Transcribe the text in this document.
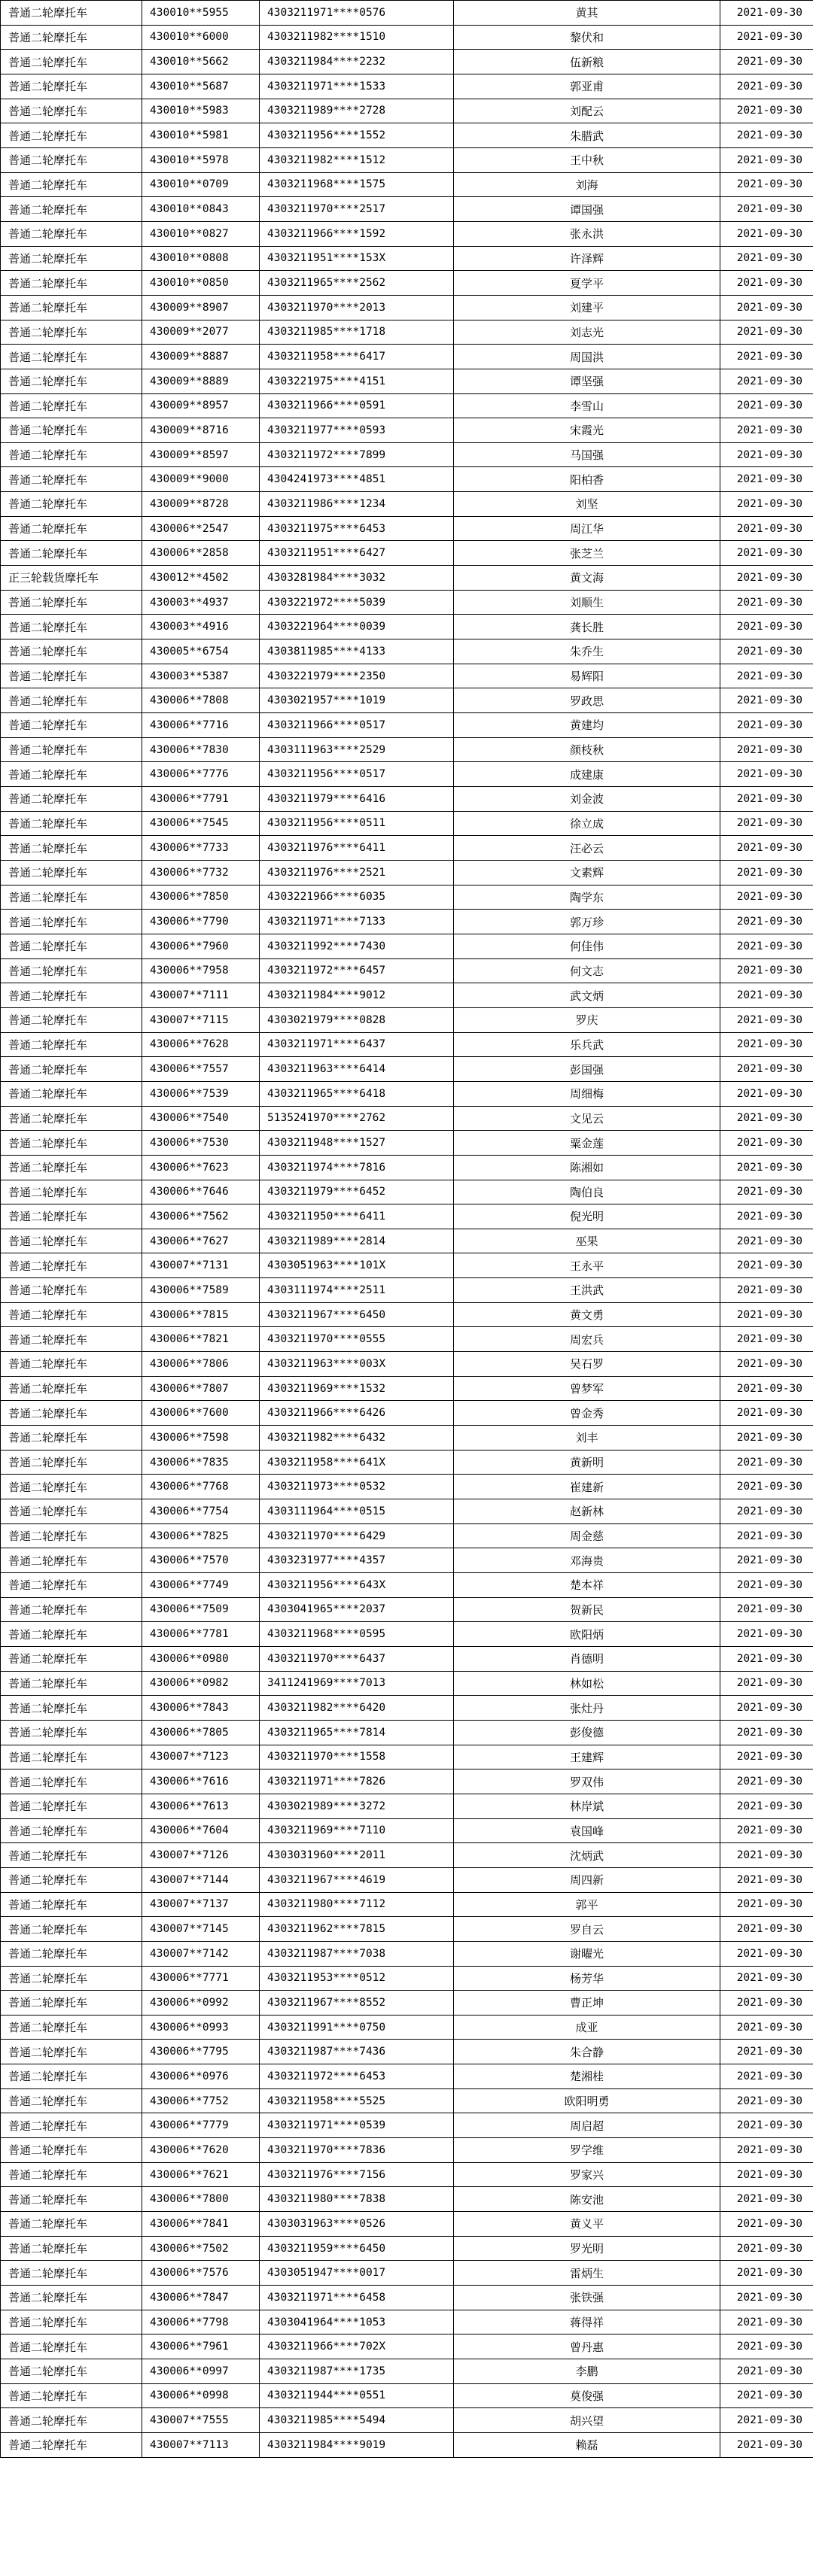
普通二轮摩托车	430010**5955	4303211971****0576	黄其	2021-09-30
普通二轮摩托车	430010**6000	4303211982****1510	黎伏和	2021-09-30
普通二轮摩托车	430010**5662	4303211984****2232	伍新粮	2021-09-30
普通二轮摩托车	430010**5687	4303211971****1533	郭亚甫	2021-09-30
普通二轮摩托车	430010**5983	4303211989****2728	刘配云	2021-09-30
普通二轮摩托车	430010**5981	4303211956****1552	朱腊武	2021-09-30
普通二轮摩托车	430010**5978	4303211982****1512	王中秋	2021-09-30
普通二轮摩托车	430010**0709	4303211968****1575	刘海	2021-09-30
普通二轮摩托车	430010**0843	4303211970****2517	谭国强	2021-09-30
普通二轮摩托车	430010**0827	4303211966****1592	张永洪	2021-09-30
普通二轮摩托车	430010**0808	4303211951****153X	许泽辉	2021-09-30
普通二轮摩托车	430010**0850	4303211965****2562	夏学平	2021-09-30
普通二轮摩托车	430009**8907	4303211970****2013	刘建平	2021-09-30
普通二轮摩托车	430009**2077	4303211985****1718	刘志光	2021-09-30
普通二轮摩托车	430009**8887	4303211958****6417	周国洪	2021-09-30
普通二轮摩托车	430009**8889	4303221975****4151	谭坚强	2021-09-30
普通二轮摩托车	430009**8957	4303211966****0591	李雪山	2021-09-30
普通二轮摩托车	430009**8716	4303211977****0593	宋霞光	2021-09-30
普通二轮摩托车	430009**8597	4303211972****7899	马国强	2021-09-30
普通二轮摩托车	430009**9000	4304241973****4851	阳柏香	2021-09-30
普通二轮摩托车	430009**8728	4303211986****1234	刘坚	2021-09-30
普通二轮摩托车	430006**2547	4303211975****6453	周江华	2021-09-30
普通二轮摩托车	430006**2858	4303211951****6427	张芝兰	2021-09-30
正三轮载货摩托车	430012**4502	4303281984****3032	黄文海	2021-09-30
普通二轮摩托车	430003**4937	4303221972****5039	刘顺生	2021-09-30
普通二轮摩托车	430003**4916	4303221964****0039	龚长胜	2021-09-30
普通二轮摩托车	430005**6754	4303811985****4133	朱乔生	2021-09-30
普通二轮摩托车	430003**5387	4303221979****2350	易辉阳	2021-09-30
普通二轮摩托车	430006**7808	4303021957****1019	罗政思	2021-09-30
普通二轮摩托车	430006**7716	4303211966****0517	黄建均	2021-09-30
普通二轮摩托车	430006**7830	4303111963****2529	颜枝秋	2021-09-30
普通二轮摩托车	430006**7776	4303211956****0517	成建康	2021-09-30
普通二轮摩托车	430006**7791	4303211979****6416	刘金波	2021-09-30
普通二轮摩托车	430006**7545	4303211956****0511	徐立成	2021-09-30
普通二轮摩托车	430006**7733	4303211976****6411	汪必云	2021-09-30
普通二轮摩托车	430006**7732	4303211976****2521	文素辉	2021-09-30
普通二轮摩托车	430006**7850	4303221966****6035	陶学东	2021-09-30
普通二轮摩托车	430006**7790	4303211971****7133	郭万珍	2021-09-30
普通二轮摩托车	430006**7960	4303211992****7430	何佳伟	2021-09-30
普通二轮摩托车	430006**7958	4303211972****6457	何文志	2021-09-30
普通二轮摩托车	430007**7111	4303211984****9012	武文炳	2021-09-30
普通二轮摩托车	430007**7115	4303021979****0828	罗庆	2021-09-30
普通二轮摩托车	430006**7628	4303211971****6437	乐兵武	2021-09-30
普通二轮摩托车	430006**7557	4303211963****6414	彭国强	2021-09-30
普通二轮摩托车	430006**7539	4303211965****6418	周细梅	2021-09-30
普通二轮摩托车	430006**7540	5135241970****2762	文见云	2021-09-30
普通二轮摩托车	430006**7530	4303211948****1527	粟金莲	2021-09-30
普通二轮摩托车	430006**7623	4303211974****7816	陈湘如	2021-09-30
普通二轮摩托车	430006**7646	4303211979****6452	陶伯良	2021-09-30
普通二轮摩托车	430006**7562	4303211950****6411	倪光明	2021-09-30
普通二轮摩托车	430006**7627	4303211989****2814	巫果	2021-09-30
普通二轮摩托车	430007**7131	4303051963****101X	王永平	2021-09-30
普通二轮摩托车	430006**7589	4303111974****2511	王洪武	2021-09-30
普通二轮摩托车	430006**7815	4303211967****6450	黄文勇	2021-09-30
普通二轮摩托车	430006**7821	4303211970****0555	周宏兵	2021-09-30
普通二轮摩托车	430006**7806	4303211963****003X	吴石罗	2021-09-30
普通二轮摩托车	430006**7807	4303211969****1532	曾梦军	2021-09-30
普通二轮摩托车	430006**7600	4303211966****6426	曾金秀	2021-09-30
普通二轮摩托车	430006**7598	4303211982****6432	刘丰	2021-09-30
普通二轮摩托车	430006**7835	4303211958****641X	黄新明	2021-09-30
普通二轮摩托车	430006**7768	4303211973****0532	崔建新	2021-09-30
普通二轮摩托车	430006**7754	4303111964****0515	赵新林	2021-09-30
普通二轮摩托车	430006**7825	4303211970****6429	周金慈	2021-09-30
普通二轮摩托车	430006**7570	4303231977****4357	邓海贵	2021-09-30
普通二轮摩托车	430006**7749	4303211956****643X	楚本祥	2021-09-30
普通二轮摩托车	430006**7509	4303041965****2037	贺新民	2021-09-30
普通二轮摩托车	430006**7781	4303211968****0595	欧阳炳	2021-09-30
普通二轮摩托车	430006**0980	4303211970****6437	肖德明	2021-09-30
普通二轮摩托车	430006**0982	3411241969****7013	林如松	2021-09-30
普通二轮摩托车	430006**7843	4303211982****6420	张灶丹	2021-09-30
普通二轮摩托车	430006**7805	4303211965****7814	彭俊德	2021-09-30
普通二轮摩托车	430007**7123	4303211970****1558	王建辉	2021-09-30
普通二轮摩托车	430006**7616	4303211971****7826	罗双伟	2021-09-30
普通二轮摩托车	430006**7613	4303021989****3272	林岸斌	2021-09-30
普通二轮摩托车	430006**7604	4303211969****7110	袁国峰	2021-09-30
普通二轮摩托车	430007**7126	4303031960****2011	沈炳武	2021-09-30
普通二轮摩托车	430007**7144	4303211967****4619	周四新	2021-09-30
普通二轮摩托车	430007**7137	4303211980****7112	郭平	2021-09-30
普通二轮摩托车	430007**7145	4303211962****7815	罗自云	2021-09-30
普通二轮摩托车	430007**7142	4303211987****7038	谢曜光	2021-09-30
普通二轮摩托车	430006**7771	4303211953****0512	杨芳华	2021-09-30
普通二轮摩托车	430006**0992	4303211967****8552	曹正坤	2021-09-30
普通二轮摩托车	430006**0993	4303211991****0750	成亚	2021-09-30
普通二轮摩托车	430006**7795	4303211987****7436	朱合静	2021-09-30
普通二轮摩托车	430006**0976	4303211972****6453	楚湘桂	2021-09-30
普通二轮摩托车	430006**7752	4303211958****5525	欧阳明勇	2021-09-30
普通二轮摩托车	430006**7779	4303211971****0539	周启超	2021-09-30
普通二轮摩托车	430006**7620	4303211970****7836	罗学维	2021-09-30
普通二轮摩托车	430006**7621	4303211976****7156	罗家兴	2021-09-30
普通二轮摩托车	430006**7800	4303211980****7838	陈安池	2021-09-30
普通二轮摩托车	430006**7841	4303031963****0526	黄义平	2021-09-30
普通二轮摩托车	430006**7502	4303211959****6450	罗光明	2021-09-30
普通二轮摩托车	430006**7576	4303051947****0017	雷炳生	2021-09-30
普通二轮摩托车	430006**7847	4303211971****6458	张铁强	2021-09-30
普通二轮摩托车	430006**7798	4303041964****1053	蒋得祥	2021-09-30
普通二轮摩托车	430006**7961	4303211966****702X	曾丹惠	2021-09-30
普通二轮摩托车	430006**0997	4303211987****1735	李鹏	2021-09-30
普通二轮摩托车	430006**0998	4303211944****0551	莫俊强	2021-09-30
普通二轮摩托车	430007**7555	4303211985****5494	胡兴望	2021-09-30
普通二轮摩托车	430007**7113	4303211984****9019	赖磊	2021-09-30
